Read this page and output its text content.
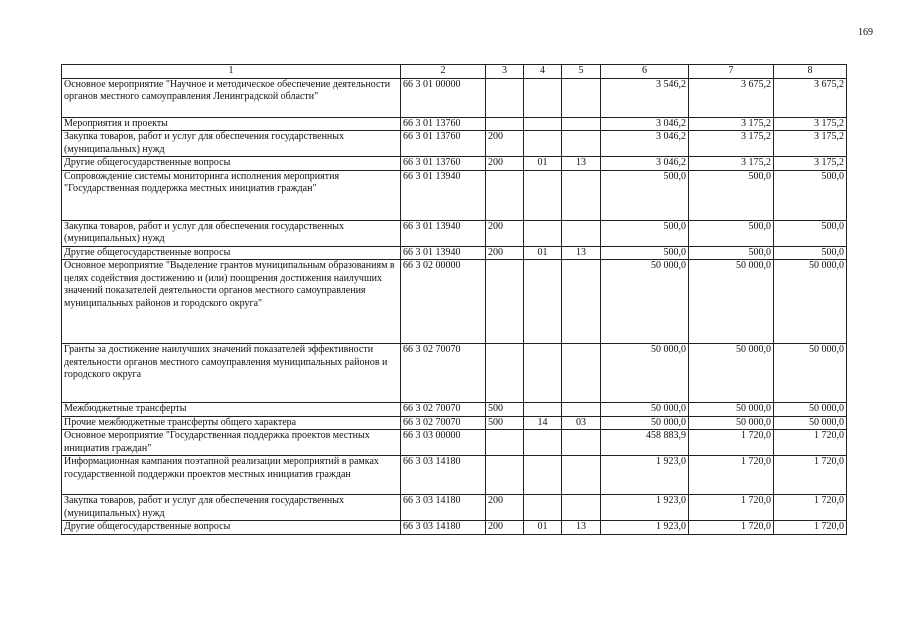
169
1	2	3	4	5	6	7	8
Основное мероприятие "Научное и методическое обеспечение деятельности органов местного самоуправления Ленинградской области"	66 3 01 00000				3 546,2	3 675,2	3 675,2
Мероприятия и проекты	66 3 01 13760				3 046,2	3 175,2	3 175,2
Закупка товаров, работ и услуг для обеспечения государственных (муниципальных) нужд	66 3 01 13760	200			3 046,2	3 175,2	3 175,2
Другие общегосударственные вопросы	66 3 01 13760	200	01	13	3 046,2	3 175,2	3 175,2
Сопровождение системы мониторинга исполнения мероприятия "Государственная поддержка местных инициатив граждан"	66 3 01 13940				500,0	500,0	500,0
Закупка товаров, работ и услуг для обеспечения государственных (муниципальных) нужд	66 3 01 13940	200			500,0	500,0	500,0
Другие общегосударственные вопросы	66 3 01 13940	200	01	13	500,0	500,0	500,0
Основное мероприятие "Выделение грантов муниципальным образованиям в целях содействия достижению и (или) поощрения достижения наилучших значений показателей деятельности органов местного самоуправления муниципальных районов и городского округа"	66 3 02 00000				50 000,0	50 000,0	50 000,0
Гранты за достижение наилучших значений показателей эффективности деятельности органов местного самоуправления муниципальных районов и городского округа	66 3 02 70070				50 000,0	50 000,0	50 000,0
Межбюджетные трансферты	66 3 02 70070	500			50 000,0	50 000,0	50 000,0
Прочие межбюджетные трансферты общего характера	66 3 02 70070	500	14	03	50 000,0	50 000,0	50 000,0
Основное мероприятие "Государственная поддержка проектов местных инициатив граждан"	66 3 03 00000				458 883,9	1 720,0	1 720,0
Информационная кампания поэтапной реализации мероприятий в рамках государственной поддержки проектов местных инициатив граждан	66 3 03 14180				1 923,0	1 720,0	1 720,0
Закупка товаров, работ и услуг для обеспечения государственных (муниципальных) нужд	66 3 03 14180	200			1 923,0	1 720,0	1 720,0
Другие общегосударственные вопросы	66 3 03 14180	200	01	13	1 923,0	1 720,0	1 720,0
